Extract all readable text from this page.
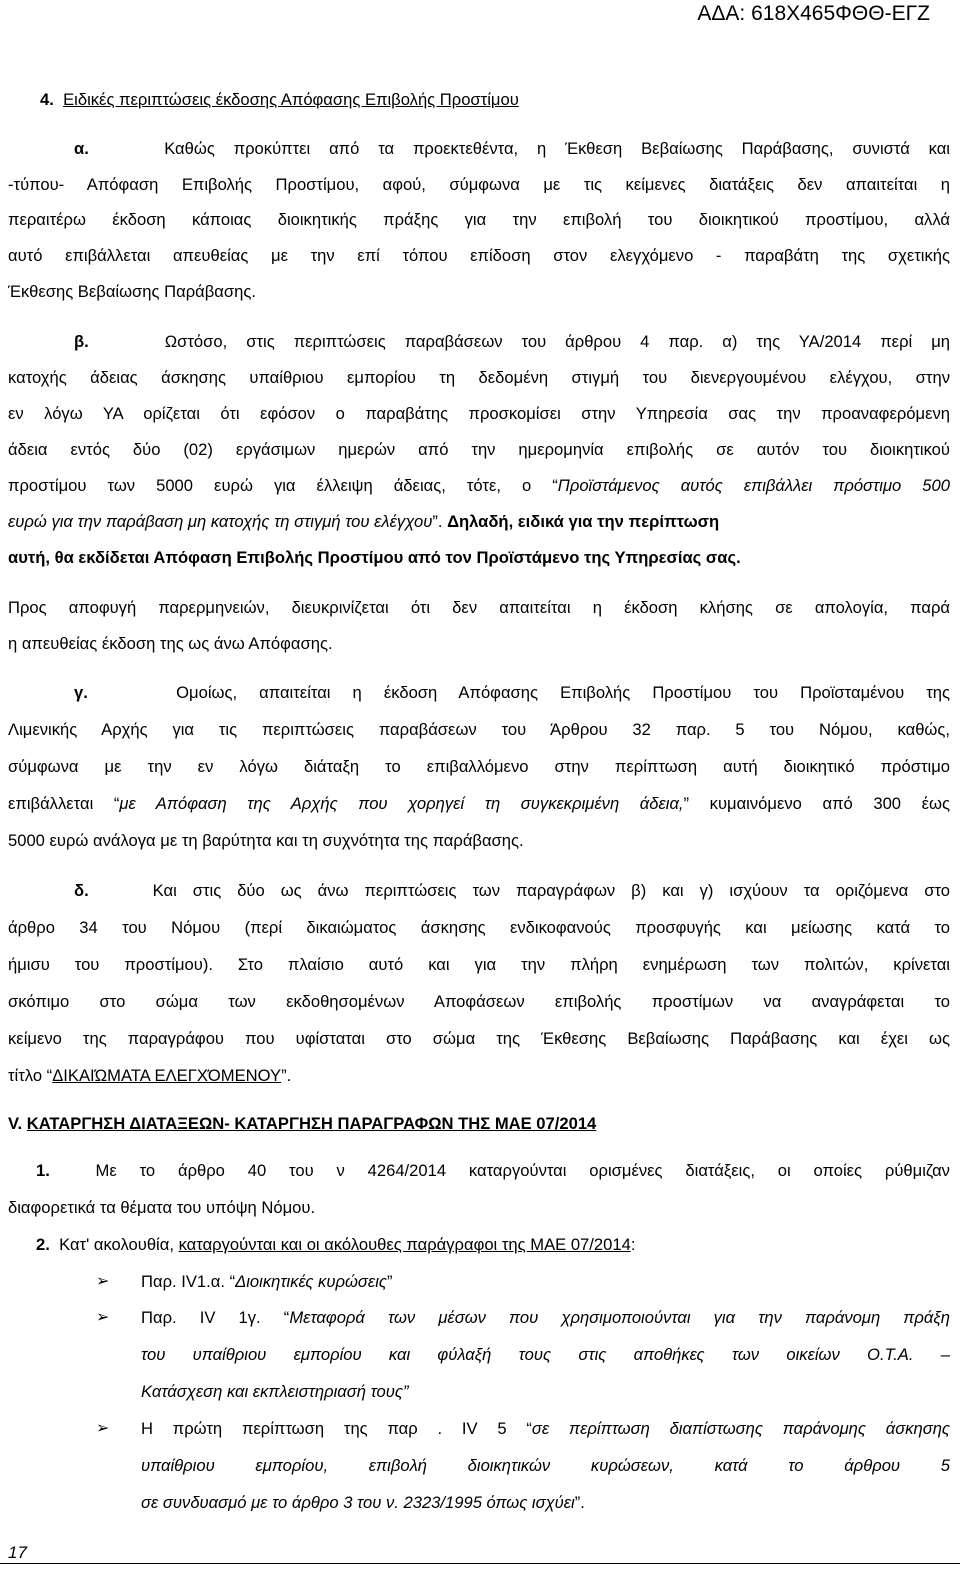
ΑΔΑ: 618Χ465ΦΘΘ-ΕΓΖ
4. Ειδικές περιπτώσεις έκδοσης Απόφασης Επιβολής Προστίμου
α.	Καθώς προκύπτει από τα προεκτεθέντα, η Έκθεση Βεβαίωσης Παράβασης, συνιστά και
-τύπου- Απόφαση Επιβολής Προστίμου, αφού, σύμφωνα με τις κείμενες διατάξεις δεν απαιτείται η
περαιτέρω έκδοση κάποιας διοικητικής πράξης για την επιβολή του διοικητικού προστίμου, αλλά
αυτό επιβάλλεται απευθείας με την επί τόπου επίδοση στον ελεγχόμενο - παραβάτη της σχετικής
Έκθεσης Βεβαίωσης Παράβασης.
β.	Ωστόσο, στις περιπτώσεις παραβάσεων του άρθρου 4 παρ. α) της ΥΑ/2014 περί μη
κατοχής άδειας άσκησης υπαίθριου εμπορίου τη δεδομένη στιγμή του διενεργουμένου ελέγχου, στην
εν λόγω ΥΑ ορίζεται ότι εφόσον ο παραβάτης προσκομίσει στην Υπηρεσία σας την προαναφερόμενη
άδεια εντός δύο (02) εργάσιμων ημερών από την ημερομηνία επιβολής σε αυτόν του διοικητικού
προστίμου των 5000 ευρώ για έλλειψη άδειας, τότε, ο “Προϊστάμενος αυτός επιβάλλει πρόστιμο 500
ευρώ για την παράβαση μη κατοχής τη στιγμή του ελέγχου”. Δηλαδή, ειδικά για την περίπτωση
αυτή, θα εκδίδεται Απόφαση Επιβολής Προστίμου από τον Προϊστάμενο της Υπηρεσίας σας.
Προς αποφυγή παρερμηνειών, διευκρινίζεται ότι δεν απαιτείται η έκδοση κλήσης σε απολογία, παρά
η απευθείας έκδοση της ως άνω Απόφασης.
γ.	Ομοίως, απαιτείται η έκδοση Απόφασης Επιβολής Προστίμου του Προϊσταμένου της
Λιμενικής Αρχής για τις περιπτώσεις παραβάσεων του Άρθρου 32 παρ. 5 του Νόμου, καθώς,
σύμφωνα με την εν λόγω διάταξη το επιβαλλόμενο στην περίπτωση αυτή διοικητικό πρόστιμο
επιβάλλεται “με Απόφαση της Αρχής που χορηγεί τη συγκεκριμένη άδεια,” κυμαινόμενο από 300 έως
5000 ευρώ ανάλογα με τη βαρύτητα και τη συχνότητα της παράβασης.
δ.	Και στις δύο ως άνω περιπτώσεις των παραγράφων β) και γ) ισχύουν τα οριζόμενα στο
άρθρο 34 του Νόμου (περί δικαιώματος άσκησης ενδικοφανούς προσφυγής και μείωσης κατά το
ήμισυ του προστίμου). Στο πλαίσιο αυτό και για την πλήρη ενημέρωση των πολιτών, κρίνεται
σκόπιμο στο σώμα των εκδοθησομένων Αποφάσεων επιβολής προστίμων να αναγράφεται το
κείμενο της παραγράφου που υφίσταται στο σώμα της Έκθεσης Βεβαίωσης Παράβασης και έχει ως
τίτλο “ΔΙΚΑΙΏΜΑΤΑ ΕΛΕΓΧΌΜΕΝΟΥ”.
V. ΚΑΤΑΡΓΗΣΗ ΔΙΑΤΑΞΕΩΝ- ΚΑΤΑΡΓΗΣΗ ΠΑΡΑΓΡΑΦΩΝ ΤΗΣ ΜΑΕ 07/2014
1.	Με το άρθρο 40 του ν 4264/2014 καταργούνται ορισμένες διατάξεις, οι οποίες ρύθμιζαν
διαφορετικά τα θέματα του υπόψη Νόμου.
2. Κατ' ακολουθία, καταργούνται και οι ακόλουθες παράγραφοι της ΜΑΕ 07/2014:
➢ Παρ. IV1.α. “Διοικητικές κυρώσεις”
➢ Παρ. IV 1γ. “Μεταφορά των μέσων που χρησιμοποιούνται για την παράνομη πράξη
του υπαίθριου εμπορίου και φύλαξή τους στις αποθήκες των οικείων Ο.Τ.Α. –
Κατάσχεση και εκπλειστηριασή τους”
➢ Η πρώτη περίπτωση της παρ . IV 5 “σε περίπτωση διαπίστωσης παράνομης άσκησης
υπαίθριου εμπορίου, επιβολή διοικητικών κυρώσεων, κατά το άρθρου 5
σε συνδυασμό με το άρθρο 3 του ν. 2323/1995 όπως ισχύει”.
17
